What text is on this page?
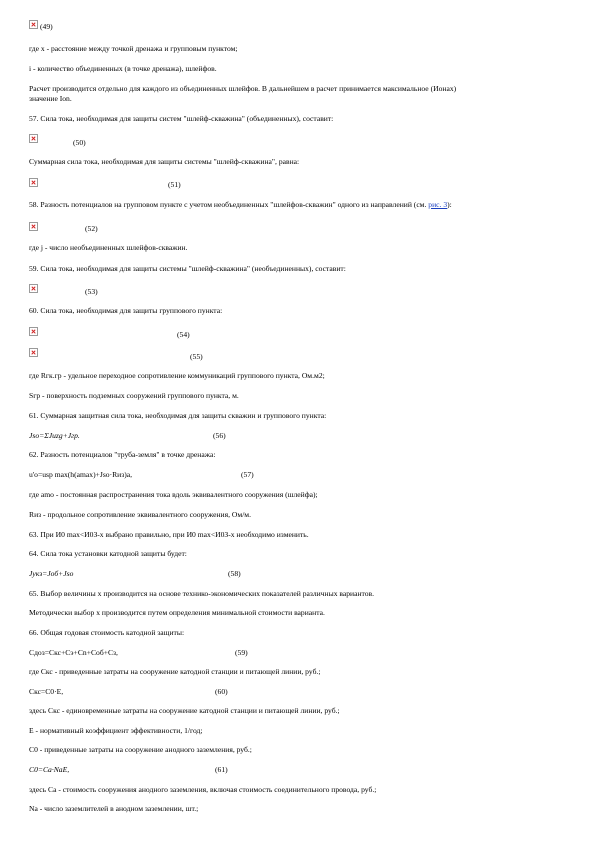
(49)
где x - расстояние между точкой дренажа и групповым пунктом;
i - количество объединенных (в точке дренажа), шлейфов.
Расчет производится отдельно для каждого из объединенных шлейфов. В дальнейшем в расчет принимается максимальное (Ионах)
значение Ion.
57. Сила тока, необходимая для защиты систем "шлейф-скважина" (объединенных), составит:
(50)
Суммарная сила тока, необходимая для защиты системы "шлейф-скважина", равна:
(51)
58. Разность потенциалов на групповом пункте с учетом необъединенных "шлейфов-скважин" одного из направлений (см. рис. 3):
(52)
где j - число необъединенных шлейфов-скважин.
59. Сила тока, необходимая для защиты системы "шлейф-скважина" (необъединенных), составит:
(53)
60. Сила тока, необходимая для защиты группового пункта:
(54)
(55)
где Rгк.гр - удельное переходное сопротивление коммуникаций группового пункта, Ом.м2;
Sгр - поверхность подземных сооружений группового пункта, м.
61. Суммарная защитная сила тока, необходимая для защиты скважин и группового пункта:
Jso=ΣJuzg+Jгр.	(56)
62. Разность потенциалов "труба-земля" в точке дренажа:
u'o=usp max(h(amax)+Jso·Rиз)a,	(57)
где amo - постоянная распространения тока вдоль эквивалентного сооружения (шлейфа);
Rиз - продольное сопротивление эквивалентного сооружения, Ом/м.
63. При И0 mах<И0З-х выбрано правильно, при И0 mах<И0З-х необходимо изменить.
64. Сила тока установки катодной защиты будет:
Jукз=Jоб+Jso	(58)
65. Выбор величины x производится на основе технико-экономических показателей различных вариантов.
Методически выбор x производится путем определения минимальной стоимости варианта.
66. Общая годовая стоимость катодной защиты:
Cдоз=Cкс+Cэ+Cn+Cоб+Cз,	(59)
где Cкс - приведенные затраты на сооружение катодной станции и питающей линии, руб.;
Cкс=C0·E,	(60)
здесь Cкс - единовременные затраты на сооружение катодной станции и питающей линии, руб.;
E - нормативный коэффициент эффективности, 1/год;
C0 - приведенные затраты на сооружение анодного заземления, руб.;
C0=Cа·NаЕ,	(61)
здесь Cа - стоимость сооружения анодного заземления, включая стоимость соединительного провода, руб.;
Nа - число заземлителей в анодном заземлении, шт.;
